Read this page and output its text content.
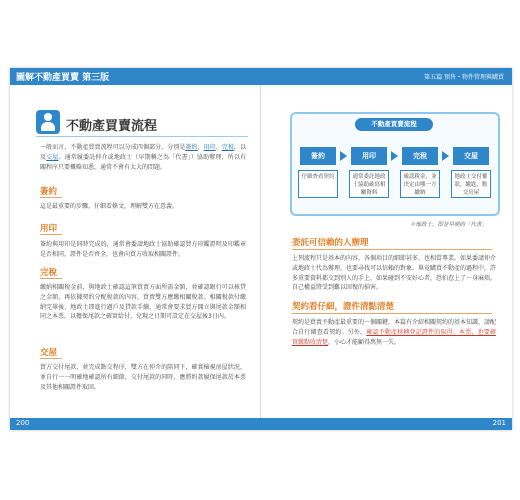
圖解不動產買賣 第三版	第五篇 預售・物件管理與購買
不動產買賣流程
一般而言，不動產買賣流程可以分成四個部分，分別是簽約、用印、完稅，以及交屋。通常履委託仲介或地政士（早期稱之為「代書」）協助辦理，所以有關程序只要概略知悉，通常不會有太大的問題。
簽約
這是最重要的步驟，仔細看條文，理解雙方在意義。
用印
簽約與用印是同時完成的，通常會委請地政士協助確認買方印鑑證明及印鑑章是否相同，證件是否齊全，也會向買方收取相關證件。
完稅
繳納相關稅金前，與地政士確認這筆買賣方面所需金額，並確認銀行可以核貸之金額，再依據契約分配稅款的內容，買賣雙方應繳相關稅款。相關稅款付繳納完畢後，地政士即進行過戶及貸款手續，通常會要求買方開立與尾款金額相同之本票，以擔保尾款之確實給付，兌現之日期可設定在交屋後3日內。
交屋
買方交付尾款，並完成點交程序，雙方在仲介的陪同下，確實檢視房屋狀況，並自行一一明確地確認所有細節，交付尾款的同時，應將約款履保尾款於本票及其他相關證件取回。
不動產買賣流程
簽約	用印	完稅	交屋
仔細查看契約	通常委託地政士協助確寫相關資料
確認稅金，並決定由哪一方繳納
地政士交付權狀，繳匙，點交房屋
＊地政士，即是早期的「代書」
委託可信賴的人辦理
上列流程只是基本的內容，各個項目的細節甚多，也相當專業。如果委請仲介或地政士代為辦理，也要尋找可以信賴的對象。畢竟購買不動產的過程中，許多重要資料都交到別人的手上，如果碰到不安好心者，恐怕惹上了一身麻煩，自己權益將受到難以回復的損害。
契約看仔細，證件清點清楚
契約是買賣不動產最重要的一個關鍵，本篇有介紹相關契約的基本知識，請配合自行細查看契約。另外，確認不動產移轉登記證件的取得、本票，也要確實繳點收清楚，小心才能顧得萬無一失。
200	201
